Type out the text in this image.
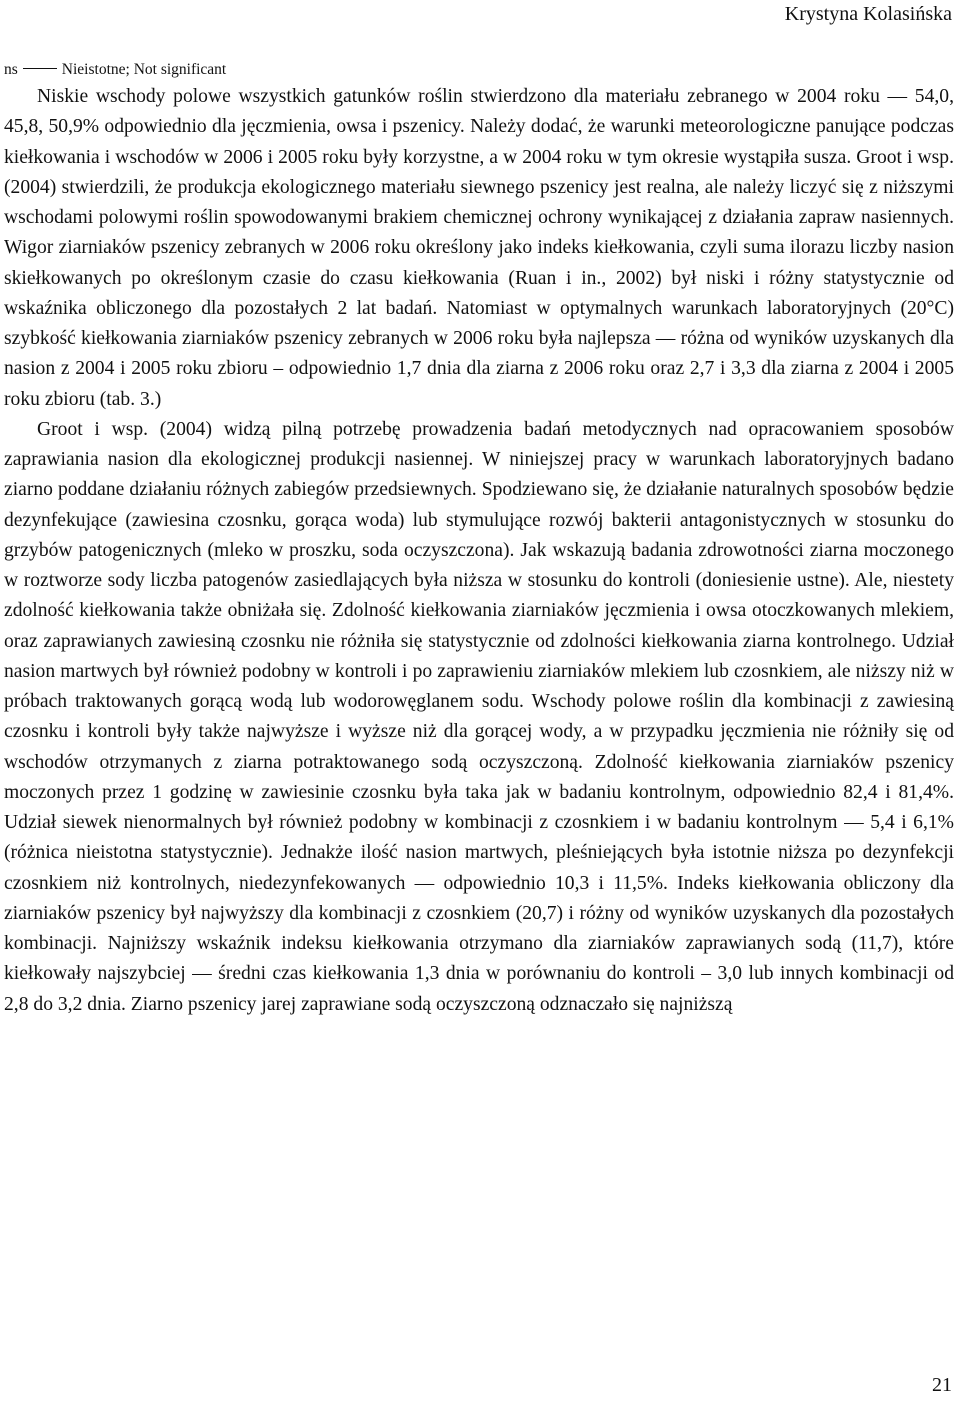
Krystyna Kolasińska
ns	Nieistotne; Not significant

Niskie wschody polowe wszystkich gatunków roślin stwierdzono dla materiału zebranego w 2004 roku — 54,0, 45,8, 50,9% odpowiednio dla jęczmienia, owsa i pszenicy. Należy dodać, że warunki meteorologiczne panujące podczas kiełkowania i wschodów w 2006 i 2005 roku były korzystne, a w 2004 roku w tym okresie wystąpiła susza. Groot i wsp. (2004) stwierdzili, że produkcja ekologicznego materiału siewnego pszenicy jest realna, ale należy liczyć się z niższymi wschodami polowymi roślin spowodowanymi brakiem chemicznej ochrony wynikającej z działania zapraw nasiennych. Wigor ziarniaków pszenicy zebranych w 2006 roku określony jako indeks kiełkowania, czyli suma ilorazu liczby nasion skiełkowanych po określonym czasie do czasu kiełkowania (Ruan i in., 2002) był niski i różny statystycznie od wskaźnika obliczonego dla pozostałych 2 lat badań. Natomiast w optymalnych warunkach laboratoryjnych (20°C) szybkość kiełkowania ziarniaków pszenicy zebranych w 2006 roku była najlepsza — różna od wyników uzyskanych dla nasion z 2004 i 2005 roku zbioru – odpowiednio 1,7 dnia dla ziarna z 2006 roku oraz 2,7 i 3,3 dla ziarna z 2004 i 2005 roku zbioru (tab. 3.)

Groot i wsp. (2004) widzą pilną potrzebę prowadzenia badań metodycznych nad opracowaniem sposobów zaprawiania nasion dla ekologicznej produkcji nasiennej. W niniejszej pracy w warunkach laboratoryjnych badano ziarno poddane działaniu różnych zabiegów przedsiewnych. Spodziewano się, że działanie naturalnych sposobów będzie dezynfekujące (zawiesina czosnku, gorąca woda) lub stymulujące rozwój bakterii antagonistycznych w stosunku do grzybów patogenicznych (mleko w proszku, soda oczyszczona). Jak wskazują badania zdrowotności ziarna moczonego w roztworze sody liczba patogenów zasiedlających była niższa w stosunku do kontroli (doniesienie ustne). Ale, niestety zdolność kiełkowania także obniżała się. Zdolność kiełkowania ziarniaków jęczmienia i owsa otoczkowanych mlekiem, oraz zaprawianych zawiesiną czosnku nie różniła się statystycznie od zdolności kiełkowania ziarna kontrolnego. Udział nasion martwych był również podobny w kontroli i po zaprawieniu ziarniaków mlekiem lub czosnkiem, ale niższy niż w próbach traktowanych gorącą wodą lub wodorowęglanem sodu. Wschody polowe roślin dla kombinacji z zawiesiną czosnku i kontroli były także najwyższe i wyższe niż dla gorącej wody, a w przypadku jęczmienia nie różniły się od wschodów otrzymanych z ziarna potraktowanego sodą oczyszczoną. Zdolność kiełkowania ziarniaków pszenicy moczonych przez 1 godzinę w zawiesinie czosnku była taka jak w badaniu kontrolnym, odpowiednio 82,4 i 81,4%. Udział siewek nienormalnych był również podobny w kombinacji z czosnkiem i w badaniu kontrolnym — 5,4 i 6,1% (różnica nieistotna statystycznie). Jednakże ilość nasion martwych, pleśniejących była istotnie niższa po dezynfekcji czosnkiem niż kontrolnych, niedezynfekowanych — odpowiednio 10,3 i 11,5%. Indeks kiełkowania obliczony dla ziarniaków pszenicy był najwyższy dla kombinacji z czosnkiem (20,7) i różny od wyników uzyskanych dla pozostałych kombinacji. Najniższy wskaźnik indeksu kiełkowania otrzymano dla ziarniaków zaprawianych sodą (11,7), które kiełkowały najszybciej — średni czas kiełkowania 1,3 dnia w porównaniu do kontroli – 3,0 lub innych kombinacji od 2,8 do 3,2 dnia. Ziarno pszenicy jarej zaprawiane sodą oczyszczoną odznaczało się najniższą

21
